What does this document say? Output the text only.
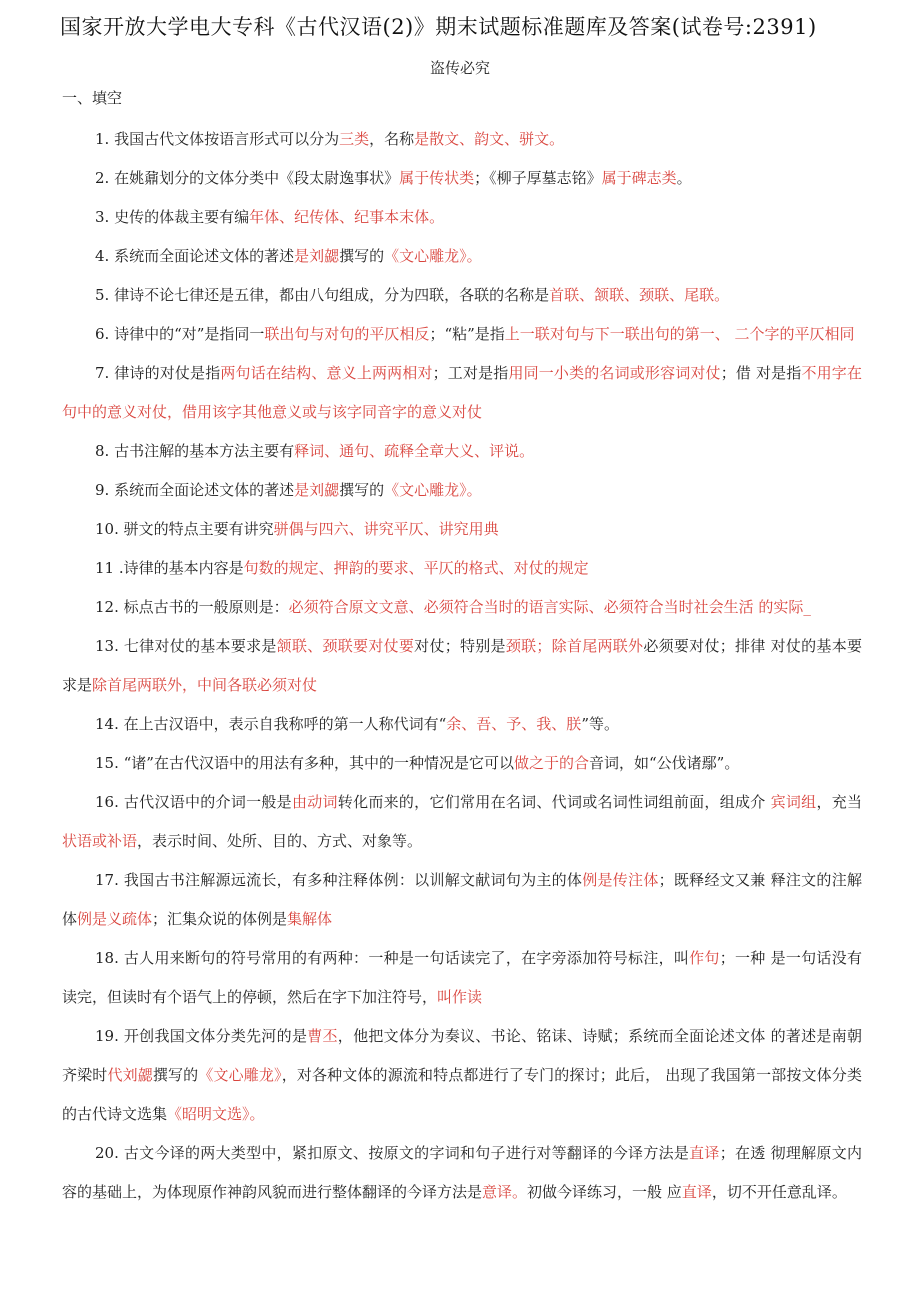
国家开放大学电大专科《古代汉语(2)》期末试题标准题库及答案(试卷号:2391)
盗传必究
一、填空

1. 我国古代文体按语言形式可以分为三类，名称是散文、韵文、骈文。

2. 在姚鼐划分的文体分类中《段太尉逸事状》属于传状类；《柳子厚墓志铭》属于碑志类。

3. 史传的体裁主要有编年体、纪传体、纪事本末体。

4. 系统而全面论述文体的著述是刘勰撰写的《文心雕龙》。

5. 律诗不论七律还是五律，都由八句组成，分为四联，各联的名称是首联、颔联、颈联、尾联。

6. 诗律中的“对”是指同一联出句与对句的平仄相反；“粘”是指上一联对句与下一联出句的第一、 二个字的平仄相同

7. 律诗的对仗是指两句话在结构、意义上两两相对；工对是指用同一小类的名词或形容词对仗；借 对是指不用字在句中的意义对仗，借用该字其他意义或与该字同音字的意义对仗

8. 古书注解的基本方法主要有释词、通句、疏释全章大义、评说。

9. 系统而全面论述文体的著述是刘勰撰写的《文心雕龙》。

10. 骈文的特点主要有讲究骈偶与四六、讲究平仄、讲究用典

11 .诗律的基本内容是句数的规定、押韵的要求、平仄的格式、对仗的规定

12. 标点古书的一般原则是：必须符合原文文意、必须符合当时的语言实际、必须符合当时社会生活 的实际_

13. 七律对仗的基本要求是颔联、颈联要对仗要对仗；特别是颈联；除首尾两联外必须要对仗；排律 对仗的基本要求是除首尾两联外，中间各联必须对仗

14. 在上古汉语中，表示自我称呼的第一人称代词有“余、吾、予、我、朕”等。

15. “诸”在古代汉语中的用法有多种，其中的一种情况是它可以做之于的合音词，如“公伐诸鄢”。

16. 古代汉语中的介词一般是由动词转化而来的，它们常用在名词、代词或名词性词组前面，组成介 宾词组，充当状语或补语，表示时间、处所、目的、方式、对象等。

17. 我国古书注解源远流长，有多种注释体例：以训解文献词句为主的体例是传注体；既释经文又兼 释注文的注解体例是义疏体；汇集众说的体例是集解体

18. 古人用来断句的符号常用的有两种：一种是一句话读完了，在字旁添加符号标注，叫作句；一种 是一句话没有读完，但读时有个语气上的停顿，然后在字下加注符号，叫作读

19. 开创我国文体分类先河的是曹丕，他把文体分为奏议、书论、铭诔、诗赋；系统而全面论述文体 的著述是南朝齐梁时代刘勰撰写的《文心雕龙》，对各种文体的源流和特点都进行了专门的探讨；此后， 出现了我国第一部按文体分类的古代诗文选集《昭明文选》。

20. 古文今译的两大类型中，紧扣原文、按原文的字词和句子进行对等翻译的今译方法是直译；在透 彻理解原文内容的基础上，为体现原作神韵风貌而进行整体翻译的今译方法是意译。初做今译练习，一般 应直译，切不开任意乱译。
